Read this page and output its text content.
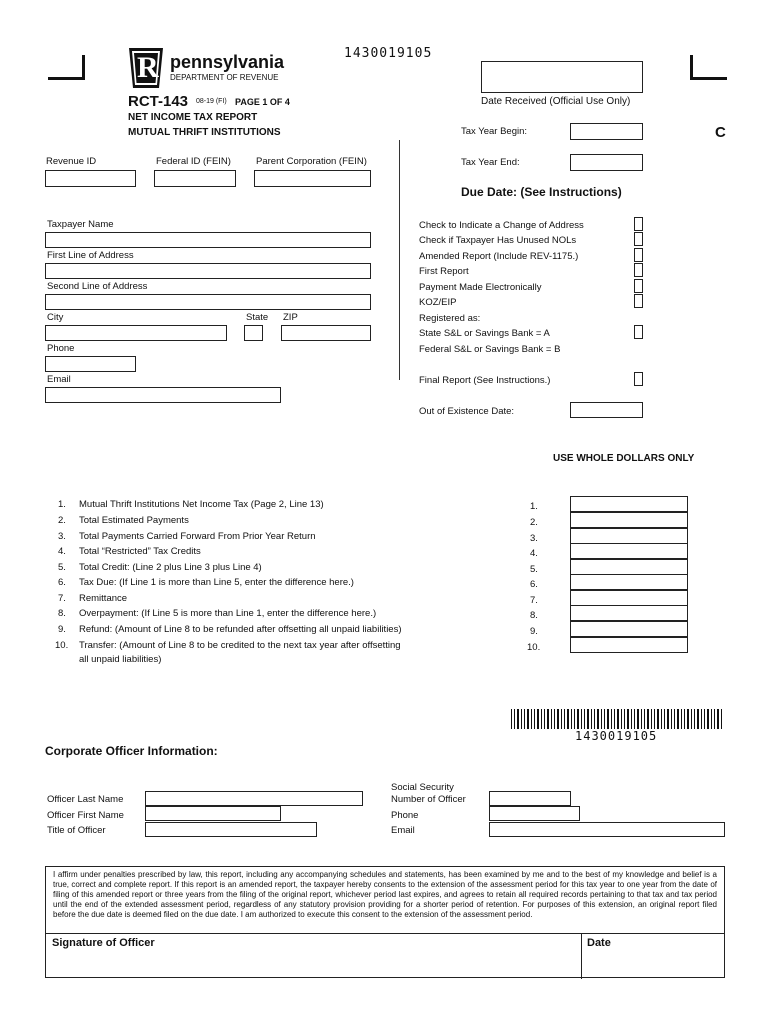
R pennsylvania
DEPARTMENT OF REVENUE
1430019105
RCT-143 08-19 (FI) PAGE 1 OF 4
NET INCOME TAX REPORT
MUTUAL THRIFT INSTITUTIONS
Date Received (Official Use Only)
C
Tax Year Begin:
Tax Year End:
Due Date: (See Instructions)
Revenue ID	Federal ID (FEIN)	Parent Corporation (FEIN)
Taxpayer Name
First Line of Address
Second Line of Address
City	State ZIP
Phone
Email
Check to Indicate a Change of Address
Check if Taxpayer Has Unused NOLs
Amended Report (Include REV-1175.)
First Report
Payment Made Electronically
KOZ/EIP
Registered as:
State S&L or Savings Bank = A
Federal S&L or Savings Bank = B
Final Report (See Instructions.)
Out of Existence Date:
USE WHOLE DOLLARS ONLY
1. Mutual Thrift Institutions Net Income Tax (Page 2, Line 13)	1.
2. Total Estimated Payments	2.
3. Total Payments Carried Forward From Prior Year Return	3.
4. Total “Restricted” Tax Credits	4.
5. Total Credit: (Line 2 plus Line 3 plus Line 4)	5.
6. Tax Due: (If Line 1 is more than Line 5, enter the difference here.)	6.
7. Remittance	7.
8. Overpayment: (If Line 5 is more than Line 1, enter the difference here.)	8.
9. Refund: (Amount of Line 8 to be refunded after offsetting all unpaid liabilities)	9.
10. Transfer: (Amount of Line 8 to be credited to the next tax year after offsetting	10.
all unpaid liabilities)
1430019105
Corporate Officer Information:
Officer Last Name
Officer First Name
Title of Officer
Social Security
Number of Officer
Phone
Email
I affirm under penalties prescribed by law, this report, including any accompanying schedules and statements, has been examined by me and to the best of my knowledge and belief is a true, correct and complete report. If this report is an amended report, the taxpayer hereby consents to the extension of the assessment period for this tax year to one year from the date of filing of this amended report or three years from the filing of the original report, whichever period last expires, and agrees to retain all required records pertaining to that tax and tax period until the end of the extended assessment period, regardless of any statutory provision providing for a shorter period of retention. For purposes of this extension, an original report filed before the due date is deemed filed on the due date. I am authorized to execute this consent to the extension of the assessment period.
Signature of Officer	Date
